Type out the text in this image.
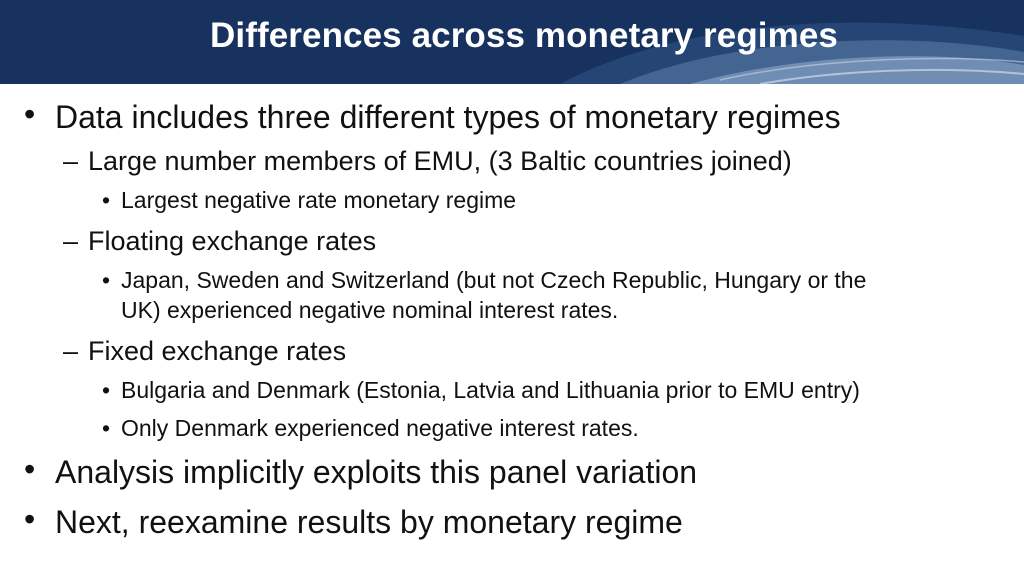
Differences across monetary regimes
• Data includes three different types of monetary regimes
– Large number members of EMU, (3 Baltic countries joined)
• Largest negative rate monetary regime
– Floating exchange rates
• Japan, Sweden and Switzerland (but not Czech Republic, Hungary or the
UK) experienced negative nominal interest rates.
– Fixed exchange rates
• Bulgaria and Denmark (Estonia, Latvia and Lithuania prior to EMU entry)
• Only Denmark experienced negative interest rates.
• Analysis implicitly exploits this panel variation
• Next, reexamine results by monetary regime
